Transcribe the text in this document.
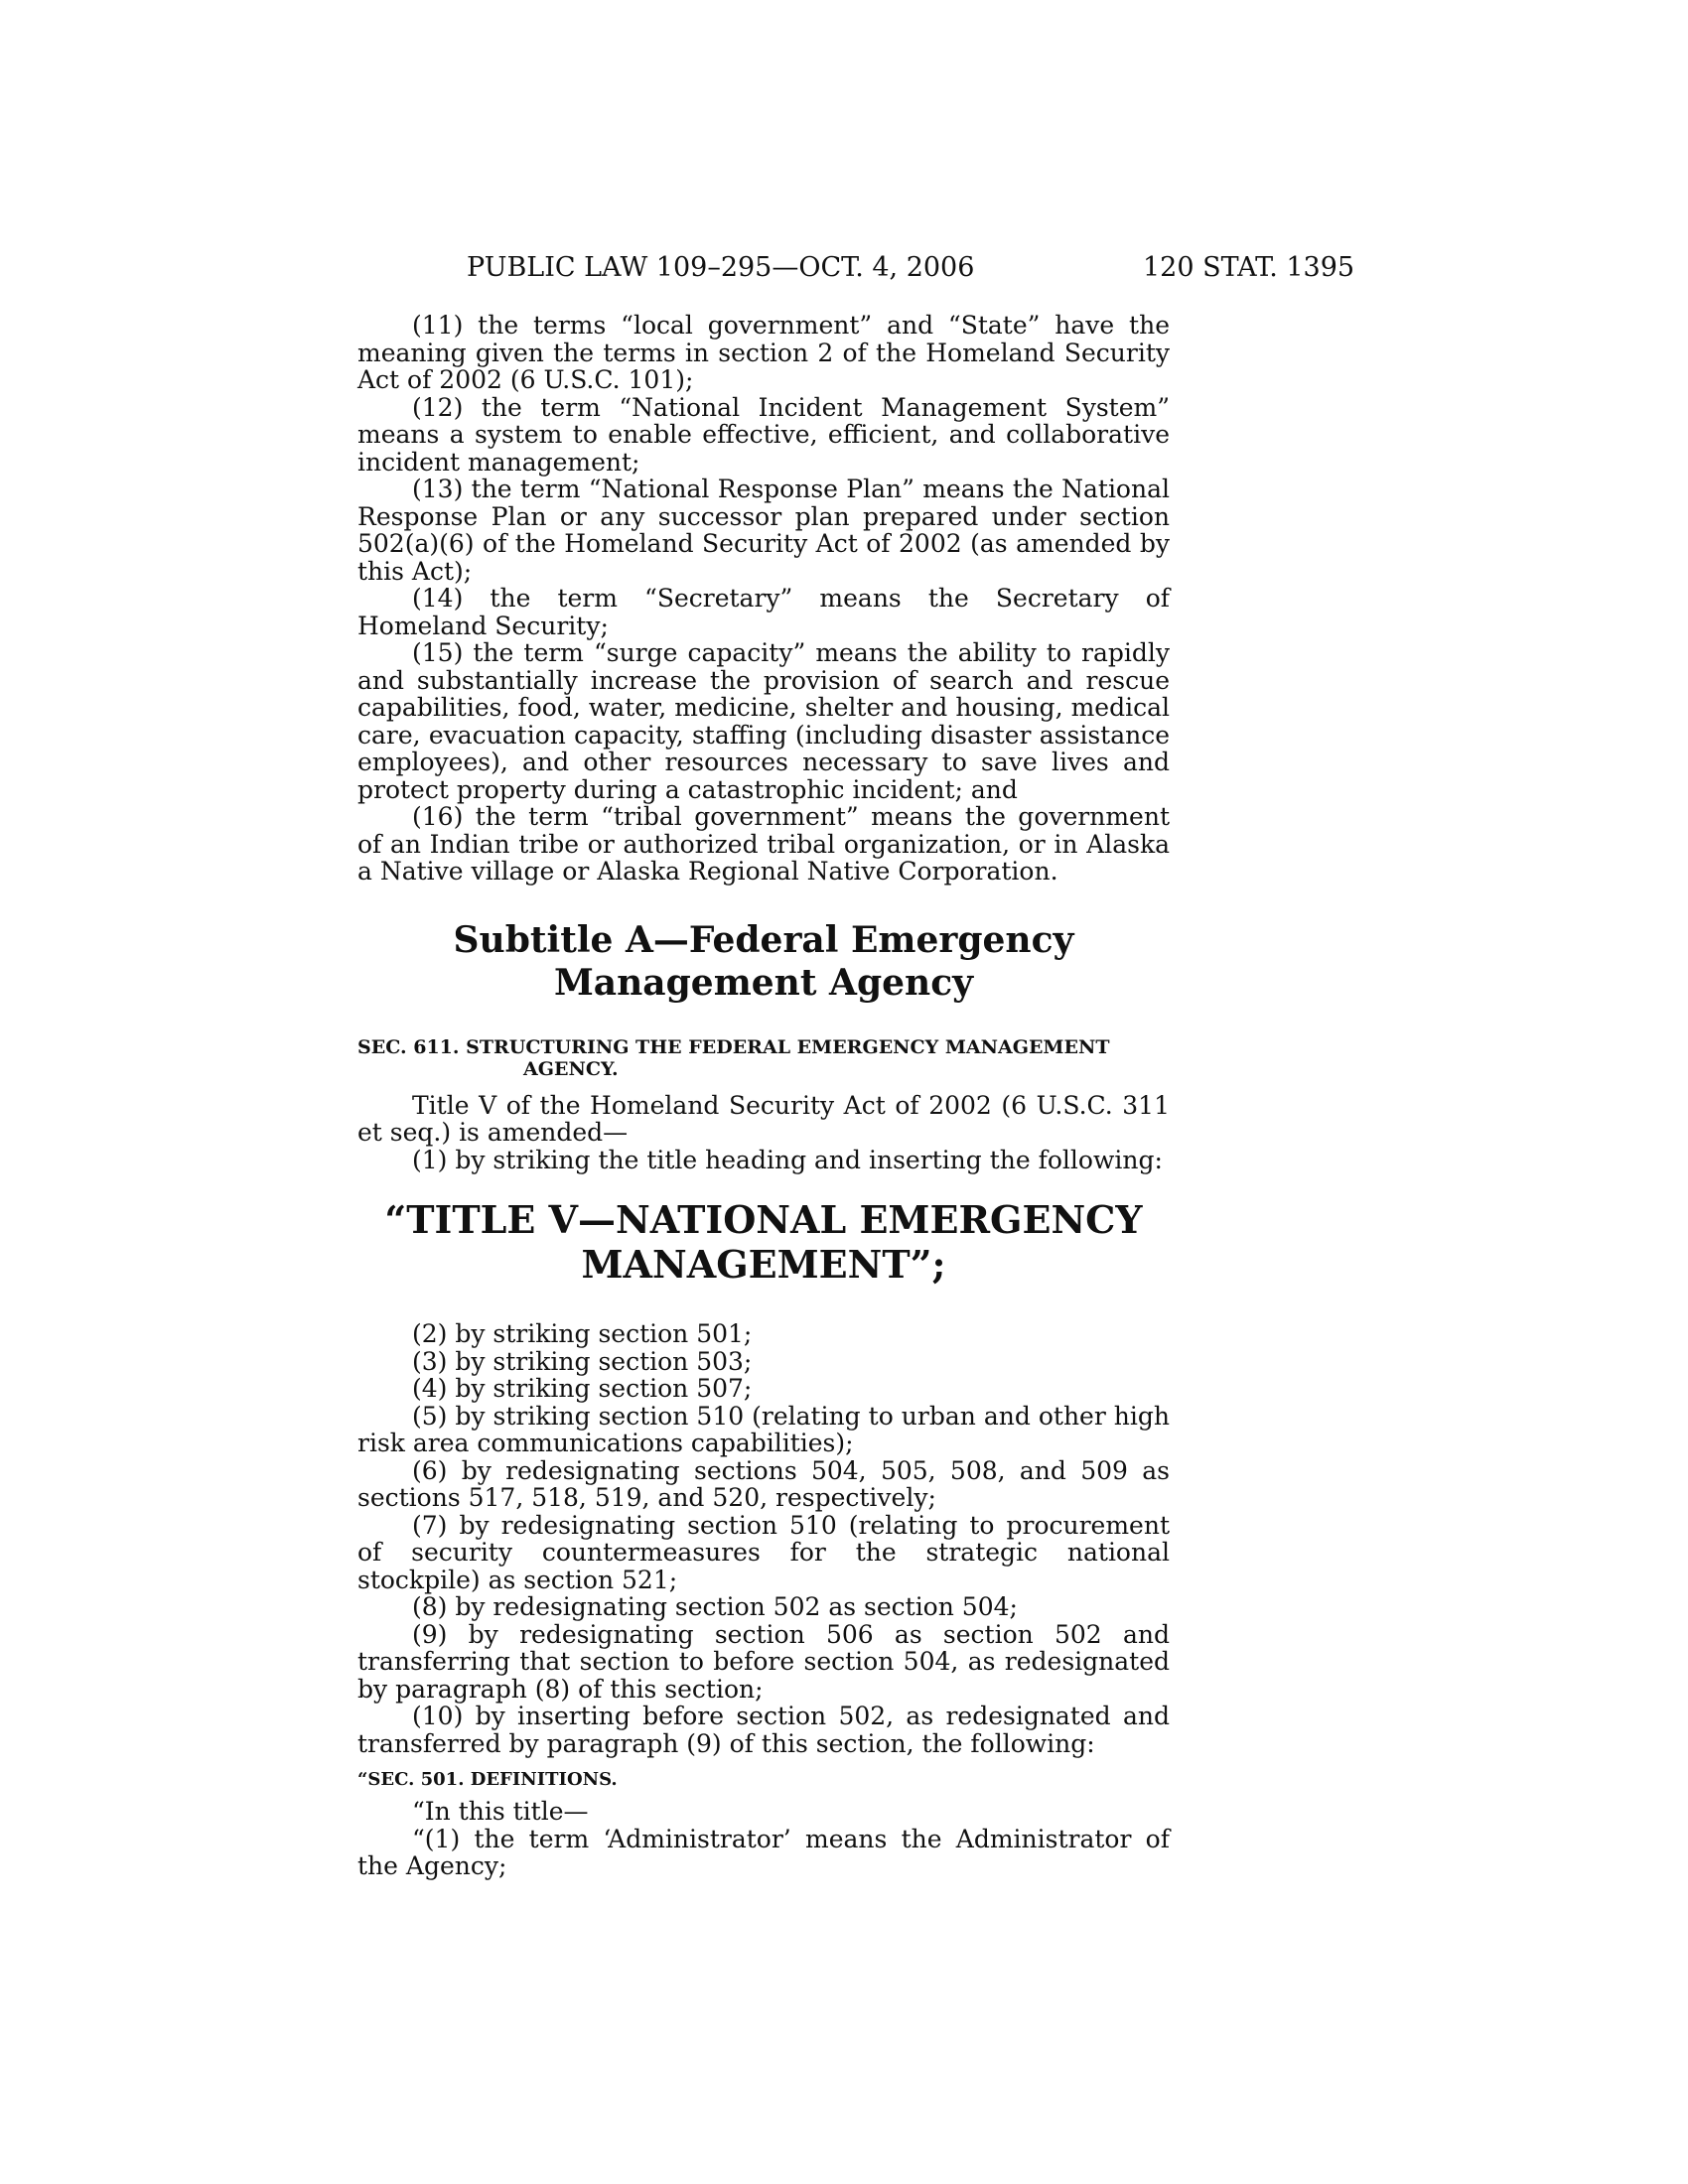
PUBLIC LAW 109–295—OCT. 4, 2006	120 STAT. 1395

(11) the terms “local government” and “State” have the meaning given the terms in section 2 of the Homeland Security Act of 2002 (6 U.S.C. 101);

(12) the term “National Incident Management System” means a system to enable effective, efficient, and collaborative incident management;

(13) the term “National Response Plan” means the National Response Plan or any successor plan prepared under section 502(a)(6) of the Homeland Security Act of 2002 (as amended by this Act);

(14) the term “Secretary” means the Secretary of Homeland Security;

(15) the term “surge capacity” means the ability to rapidly and substantially increase the provision of search and rescue capabilities, food, water, medicine, shelter and housing, medical care, evacuation capacity, staffing (including disaster assistance employees), and other resources necessary to save lives and protect property during a catastrophic incident; and

(16) the term “tribal government” means the government of an Indian tribe or authorized tribal organization, or in Alaska a Native village or Alaska Regional Native Corporation.

Subtitle A—Federal Emergency
Management Agency
SEC. 611. STRUCTURING THE FEDERAL EMERGENCY MANAGEMENT
AGENCY.

Title V of the Homeland Security Act of 2002 (6 U.S.C. 311 et seq.) is amended—

(1) by striking the title heading and inserting the following:

“TITLE V—NATIONAL EMERGENCY
MANAGEMENT”;

(2) by striking section 501;

(3) by striking section 503;

(4) by striking section 507;

(5) by striking section 510 (relating to urban and other high risk area communications capabilities);

(6) by redesignating sections 504, 505, 508, and 509 as sections 517, 518, 519, and 520, respectively;

(7) by redesignating section 510 (relating to procurement of security countermeasures for the strategic national stockpile) as section 521;

(8) by redesignating section 502 as section 504;

(9) by redesignating section 506 as section 502 and transferring that section to before section 504, as redesignated by paragraph (8) of this section;

(10) by inserting before section 502, as redesignated and transferred by paragraph (9) of this section, the following:

“SEC. 501. DEFINITIONS.

“In this title—

“(1) the term ‘Administrator’ means the Administrator of the Agency;
